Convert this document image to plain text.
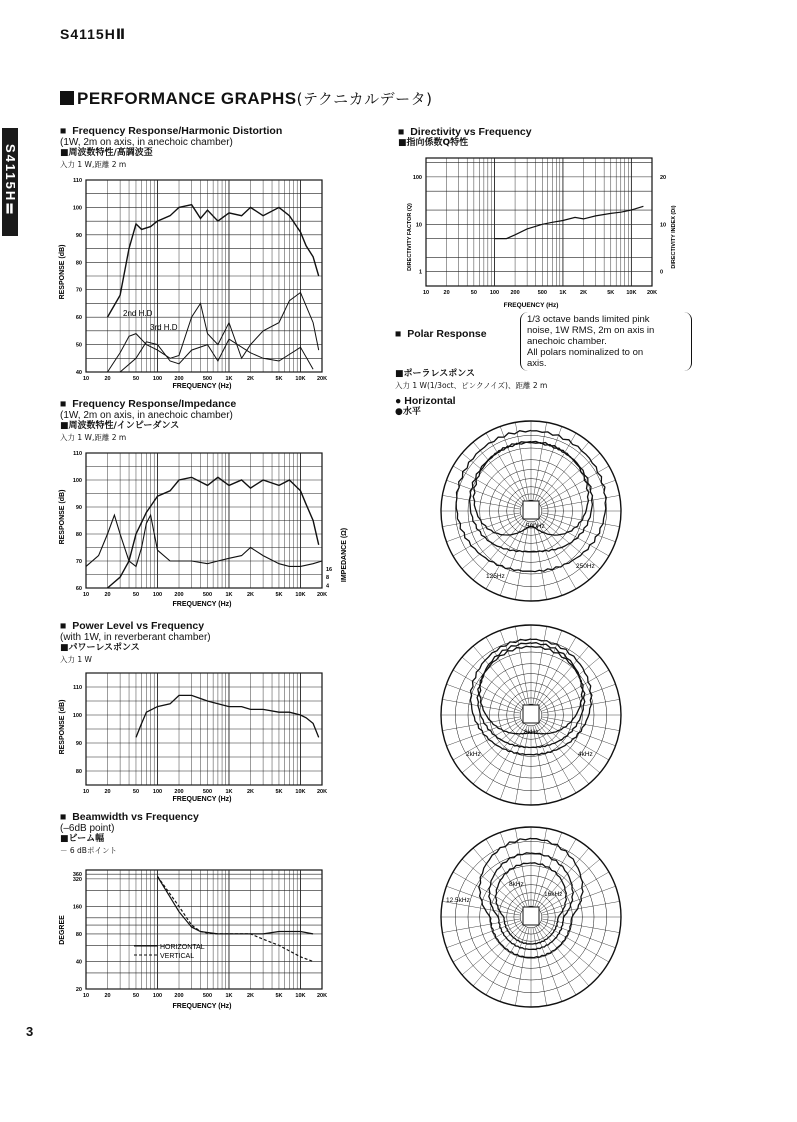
S4115HⅡ
S4115HⅡ
PERFORMANCE GRAPHS(テクニカルデータ)
■  Frequency Response/Harmonic Distortion
(1W, 2m on axis, in anechoic chamber)
■周波数特性/高調波歪
入力 1 W,距離 2 m
■  Frequency Response/Impedance
(1W, 2m on axis, in anechoic chamber)
■周波数特性/インピーダンス
入力 1 W,距離 2 m
■  Power Level vs Frequency
(with 1W, in reverberant chamber)
■パワーレスポンス
入力 1 W
■  Beamwidth vs Frequency
(–6dB point)
■ビーム幅
－ 6 dBポイント
■  Directivity vs Frequency
■指向係数Q特性
■  Polar Response
1/3 octave bands limited pink
noise, 1W RMS, 2m on axis in
anechoic chamber.
All polars nominalized to on
axis.
■ポーラレスポンス
入力 1 W(1/3oct、ピンクノイズ)、距離 2 m
● Horizontal
●水平
3
10	20	50	100 200	500 1K	2K	5K 10K 20K
110
100
90
80
70
60
50
40
2nd H.D
3rd H.D
FREQUENCY (Hz)
RESPONSE (dB)
10	20	50	100 200	500 1K	2K	5K 10K 20K
110
100
90
80
70
60
16
8
4
FREQUENCY (Hz)
RESPONSE (dB)
IMPEDANCE (Ω)
10	20	50	100 200	500 1K	2K	5K 10K 20K
110
100
90
80
FREQUENCY (Hz)
RESPONSE (dB)
10	20	50	100 200	500 1K	2K	5K 10K 20K
360
320
160
80
40
20
HORIZONTAL
VERTICAL
FREQUENCY (Hz)
DEGREE
10	20	50 100 200	500 1K 2K	5K 10K 20K
100
10
1
20
10
0
FREQUENCY (Hz)
DIRECTIVITY FACTOR (Q)	DIRECTIVITY INDEX (Di)
125Hz
250Hz
500Hz
2kHz	4kHz
8kHz
12.5kHz
16kHz
8kHz
